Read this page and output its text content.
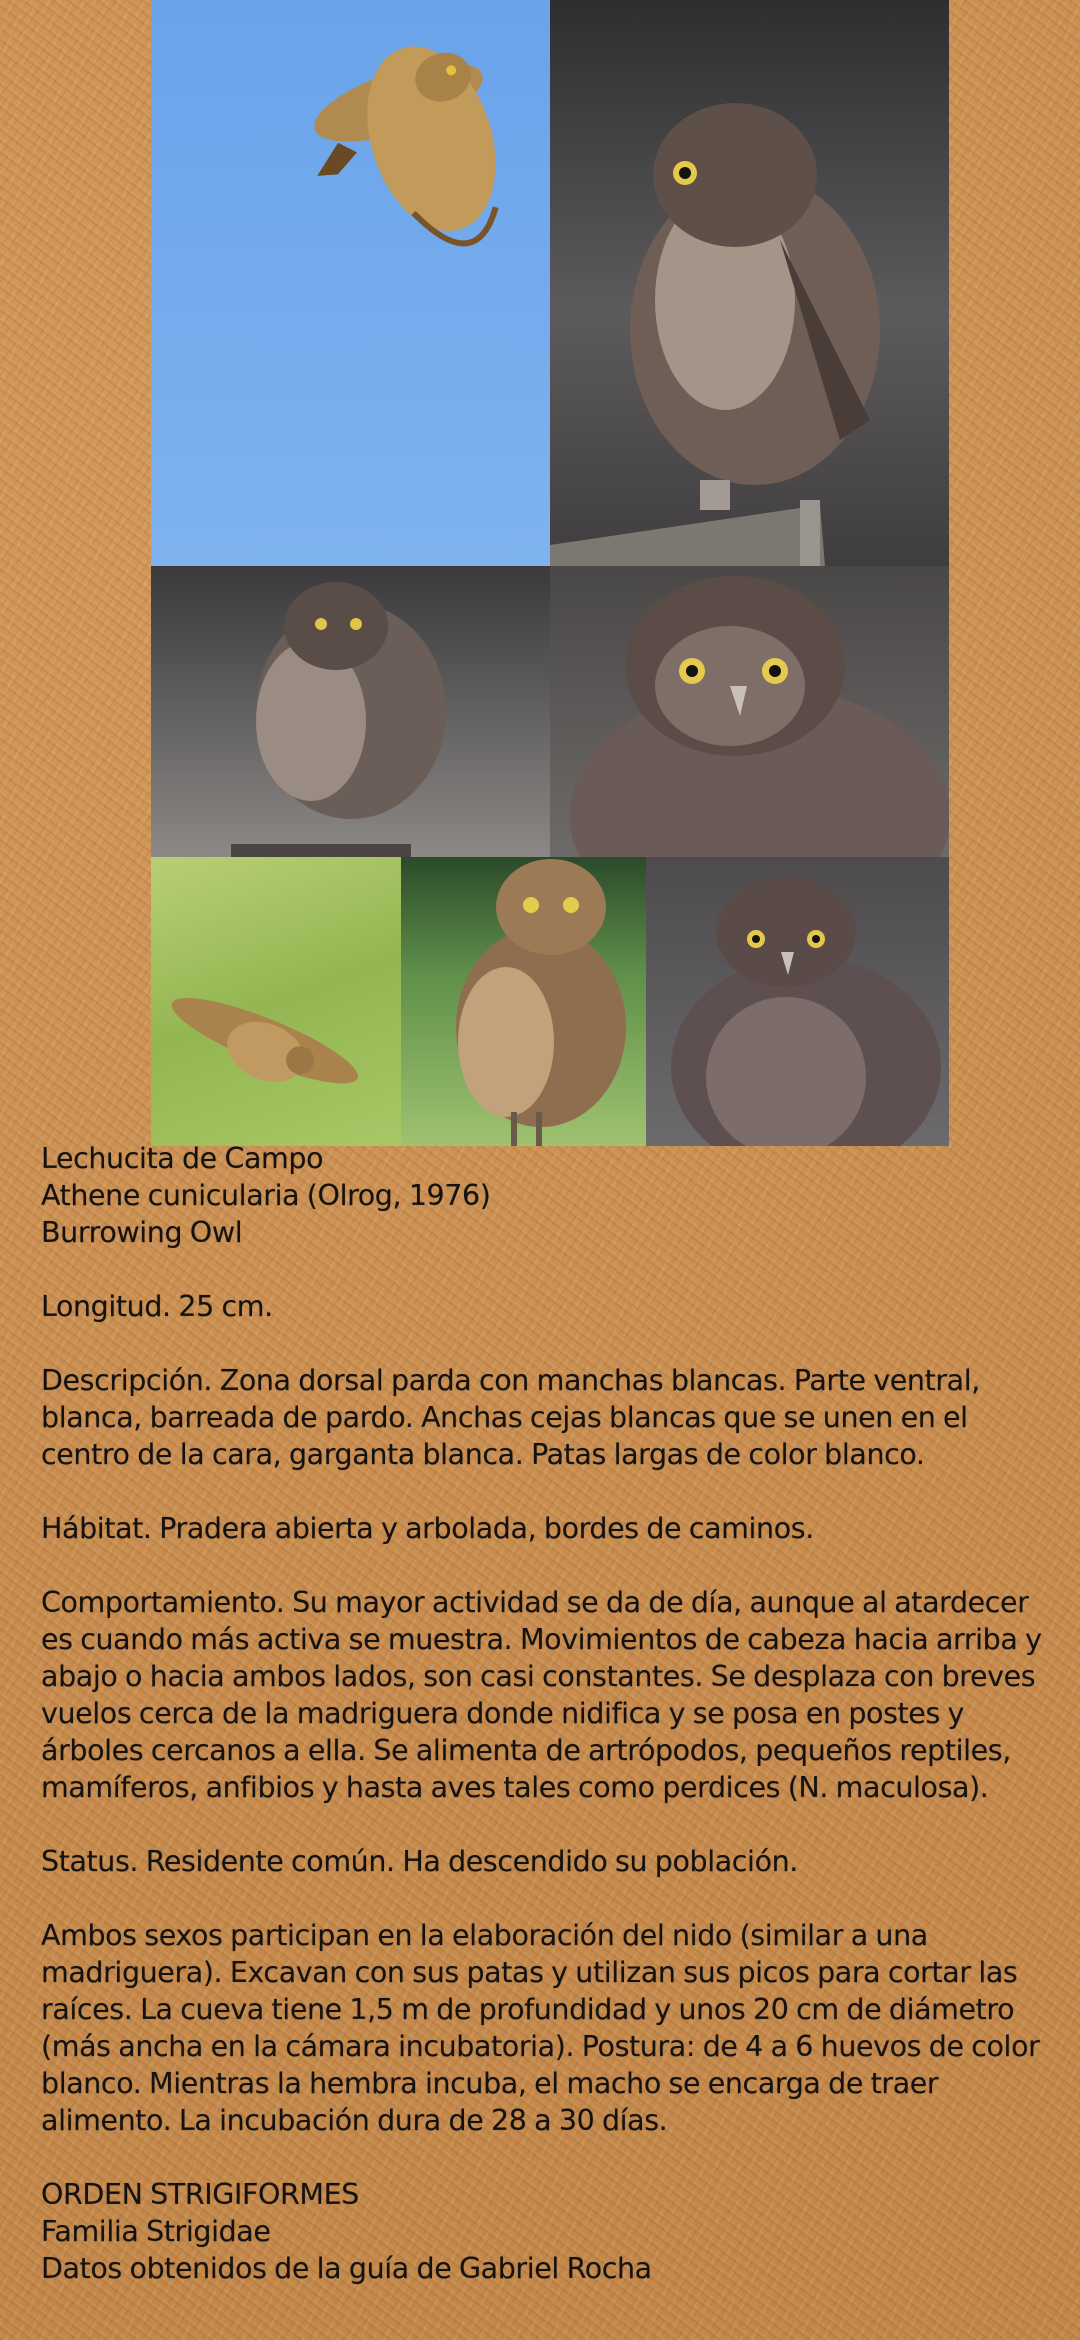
Lechucita de Campo
Athene cunicularia (Olrog, 1976)
Burrowing Owl

Longitud. 25 cm.

Descripción. Zona dorsal parda con manchas blancas. Parte ventral, blanca, barreada de pardo. Anchas cejas blancas que se unen en el centro de la cara, garganta blanca. Patas largas de color blanco.

Hábitat. Pradera abierta y arbolada, bordes de caminos.

Comportamiento. Su mayor actividad se da de día, aunque al atardecer es cuando más activa se muestra. Movimientos de cabeza hacia arriba y abajo o hacia ambos lados, son casi constantes. Se desplaza con breves vuelos cerca de la madriguera donde nidifica y se posa en postes y árboles cercanos a ella. Se alimenta de artrópodos, pequeños reptiles, mamíferos, anfibios y hasta aves tales como perdices (N. maculosa).

Status. Residente común. Ha descendido su población.

Ambos sexos participan en la elaboración del nido (similar a una madriguera). Excavan con sus patas y utilizan sus picos para cortar las raíces. La cueva tiene 1,5 m de profundidad y unos 20 cm de diámetro (más ancha en la cámara incubatoria). Postura: de 4 a 6 huevos de color blanco. Mientras la hembra incuba, el macho se encarga de traer alimento. La incubación dura de 28 a 30 días.

ORDEN STRIGIFORMES
Familia Strigidae
Datos obtenidos de la guía de Gabriel Rocha
